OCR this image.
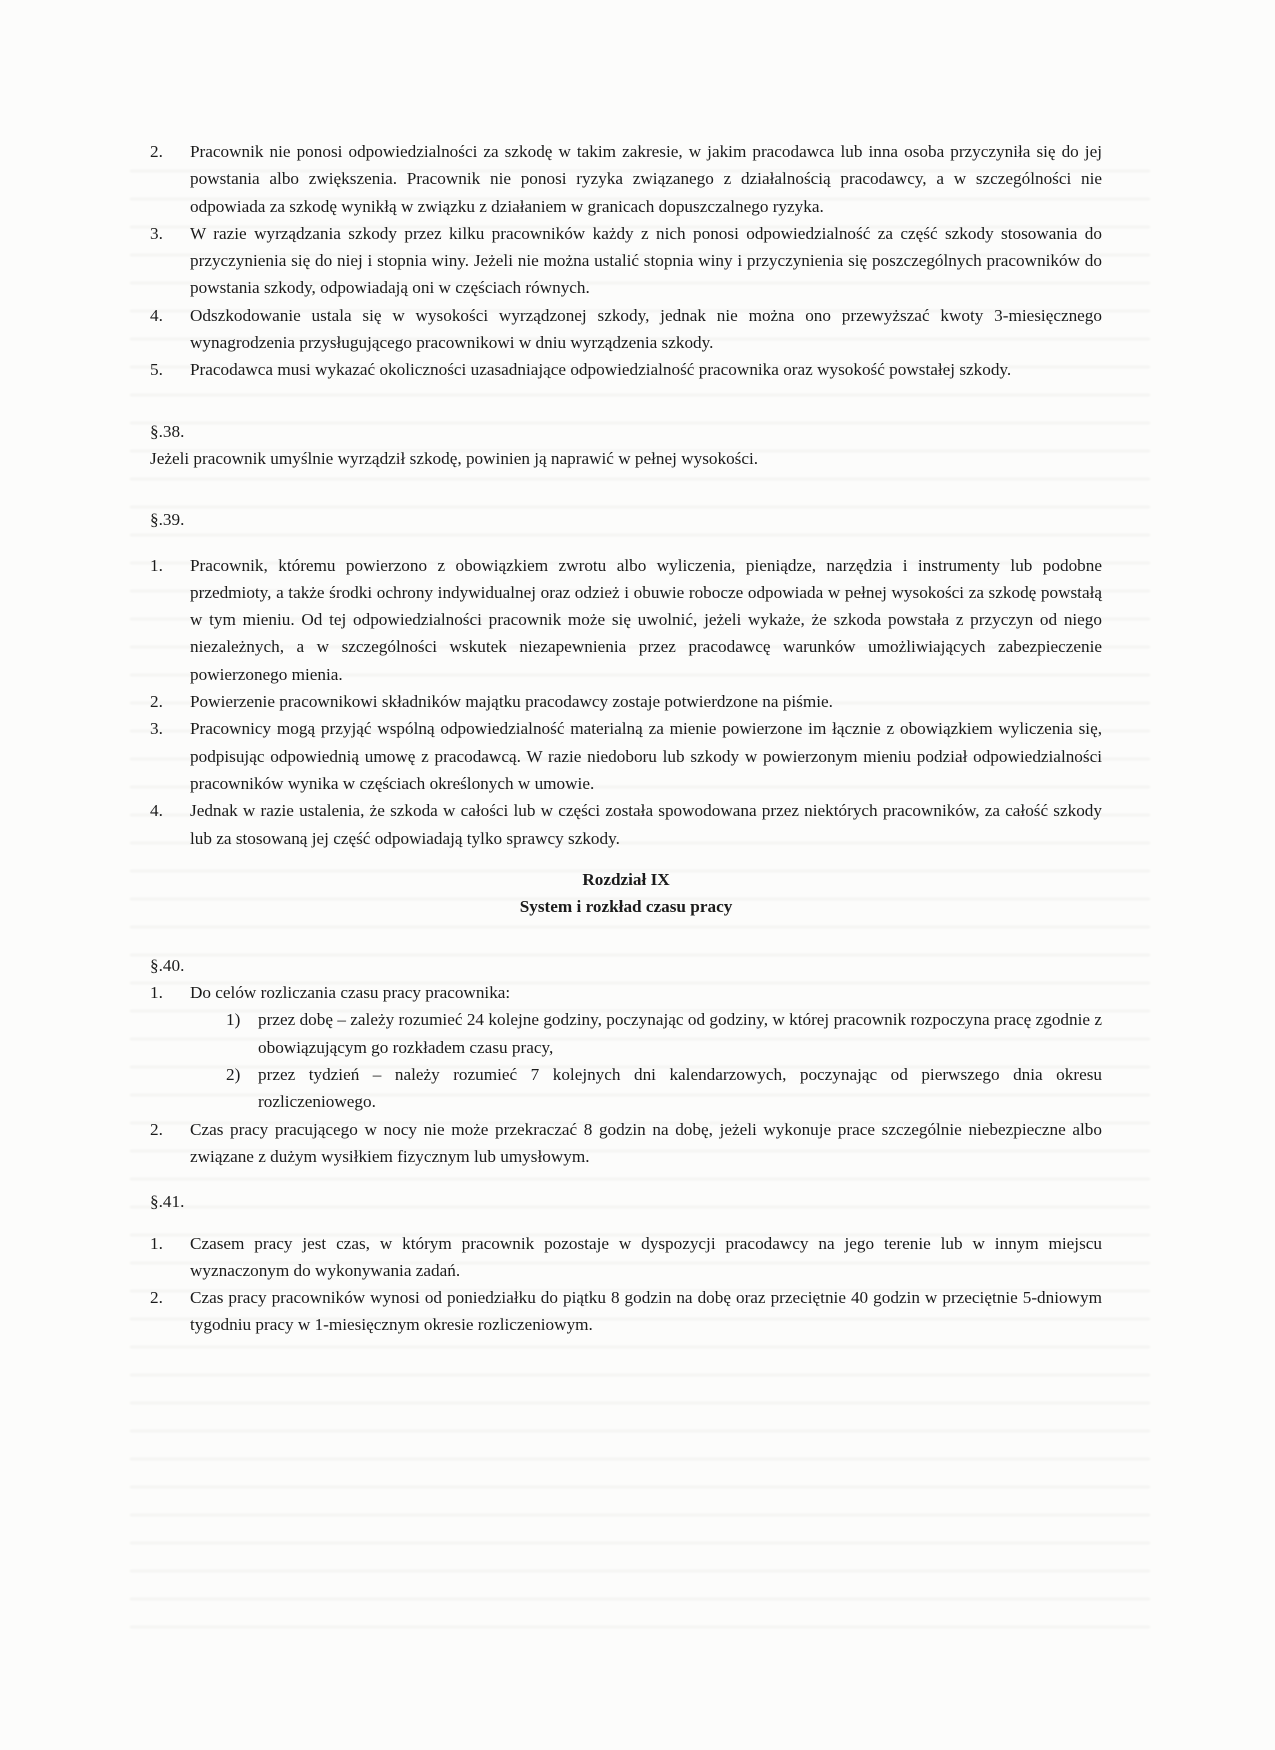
2.	Pracownik nie ponosi odpowiedzialności za szkodę w takim zakresie, w jakim pracodawca lub inna osoba przyczyniła się do jej powstania albo zwiększenia. Pracownik nie ponosi ryzyka związanego z działalnością pracodawcy, a w szczególności nie odpowiada za szkodę wynikłą w związku z działaniem w granicach dopuszczalnego ryzyka.
3.	W razie wyrządzania szkody przez kilku pracowników każdy z nich ponosi odpowiedzialność za część szkody stosowania do przyczynienia się do niej i stopnia winy. Jeżeli nie można ustalić stopnia winy i przyczynienia się poszczególnych pracowników do powstania szkody, odpowiadają oni w częściach równych.
4.	Odszkodowanie ustala się w wysokości wyrządzonej szkody, jednak nie można ono przewyższać kwoty 3-miesięcznego wynagrodzenia przysługującego pracownikowi w dniu wyrządzenia szkody.
5.	Pracodawca musi wykazać okoliczności uzasadniające odpowiedzialność pracownika oraz wysokość powstałej szkody.
§.38.
Jeżeli pracownik umyślnie wyrządził szkodę, powinien ją naprawić w pełnej wysokości.
§.39.
1.	Pracownik, któremu powierzono z obowiązkiem zwrotu albo wyliczenia, pieniądze, narzędzia i instrumenty lub podobne przedmioty, a także środki ochrony indywidualnej oraz odzież i obuwie robocze odpowiada w pełnej wysokości za szkodę powstałą w tym mieniu. Od tej odpowiedzialności pracownik może się uwolnić, jeżeli wykaże, że szkoda powstała z przyczyn od niego niezależnych, a w szczególności wskutek niezapewnienia przez pracodawcę warunków umożliwiających zabezpieczenie powierzonego mienia.
2.	Powierzenie pracownikowi składników majątku pracodawcy zostaje potwierdzone na piśmie.
3.	Pracownicy mogą przyjąć wspólną odpowiedzialność materialną za mienie powierzone im łącznie z obowiązkiem wyliczenia się, podpisując odpowiednią umowę z pracodawcą. W razie niedoboru lub szkody w powierzonym mieniu podział odpowiedzialności pracowników wynika w częściach określonych w umowie.
4.	Jednak w razie ustalenia, że szkoda w całości lub w części została spowodowana przez niektórych pracowników, za całość szkody lub za stosowaną jej część odpowiadają tylko sprawcy szkody.
Rozdział IX
System i rozkład czasu pracy
§.40.
1.	Do celów rozliczania czasu pracy pracownika:
1)	przez dobę – zależy rozumieć 24 kolejne godziny, poczynając od godziny, w której pracownik rozpoczyna pracę zgodnie z obowiązującym go rozkładem czasu pracy,
2)	przez tydzień – należy rozumieć 7 kolejnych dni kalendarzowych, poczynając od pierwszego dnia okresu rozliczeniowego.
2.	Czas pracy pracującego w nocy nie może przekraczać 8 godzin na dobę, jeżeli wykonuje prace szczególnie niebezpieczne albo związane z dużym wysiłkiem fizycznym lub umysłowym.
§.41.
1.	Czasem pracy jest czas, w którym pracownik pozostaje w dyspozycji pracodawcy na jego terenie lub w innym miejscu wyznaczonym do wykonywania zadań.
2.	Czas pracy pracowników wynosi od poniedziałku do piątku 8 godzin na dobę oraz przeciętnie 40 godzin w przeciętnie 5-dniowym tygodniu pracy w 1-miesięcznym okresie rozliczeniowym.
